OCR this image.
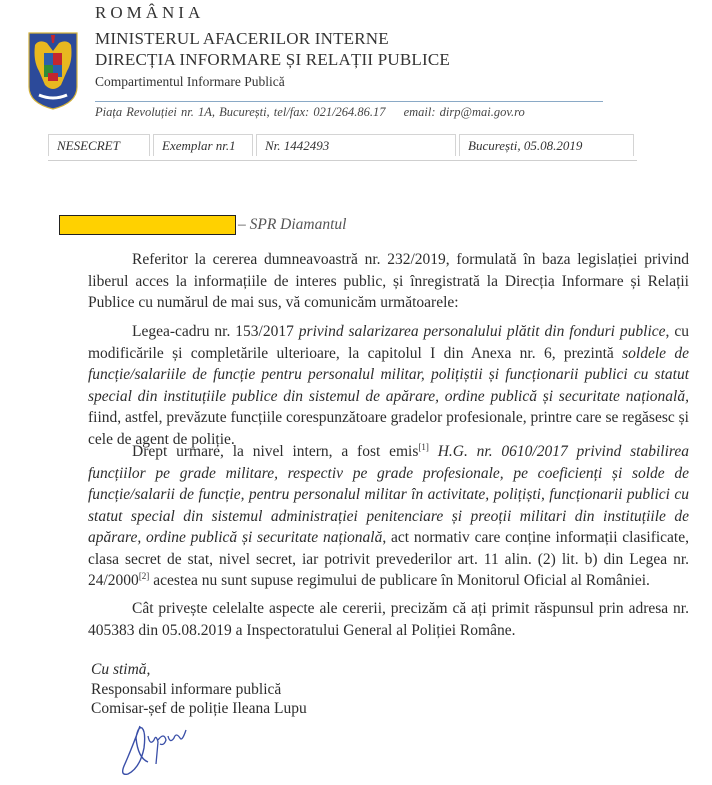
ROMÂNIA
MINISTERUL AFACERILOR INTERNE
DIRECȚIA INFORMARE ȘI RELAȚII PUBLICE
Compartimentul Informare Publică
Piața Revoluției nr. 1A, București, tel/fax: 021/264.86.17 email: dirp@mai.gov.ro
NESECRET	Exemplar nr.1	Nr. 1442493	București, 05.08.2019
– SPR Diamantul

Referitor la cererea dumneavoastră nr. 232/2019, formulată în baza legislației privind liberul acces la informațiile de interes public, și înregistrată la Direcția Informare și Relații Publice cu numărul de mai sus, vă comunicăm următoarele:

Legea-cadru nr. 153/2017 privind salarizarea personalului plătit din fonduri publice, cu modificările și completările ulterioare, la capitolul I din Anexa nr. 6, prezintă soldele de funcție/salariile de funcție pentru personalul militar, polițiștii și funcționarii publici cu statut special din instituțiile publice din sistemul de apărare, ordine publică și securitate națională, fiind, astfel, prevăzute funcțiile corespunzătoare gradelor profesionale, printre care se regăsesc și cele de agent de poliție.

Drept urmare, la nivel intern, a fost emis[1] H.G. nr. 0610/2017 privind stabilirea funcțiilor pe grade militare, respectiv pe grade profesionale, pe coeficienți și solde de funcție/salarii de funcție, pentru personalul militar în activitate, polițiști, funcționarii publici cu statut special din sistemul administrației penitenciare și preoții militari din instituțiile de apărare, ordine publică și securitate națională, act normativ care conține informații clasificate, clasa secret de stat, nivel secret, iar potrivit prevederilor art. 11 alin. (2) lit. b) din Legea nr. 24/2000[2] acestea nu sunt supuse regimului de publicare în Monitorul Oficial al României.

Cât privește celelalte aspecte ale cererii, precizăm că ați primit răspunsul prin adresa nr. 405383 din 05.08.2019 a Inspectoratului General al Poliției Române.

Cu stimă,
Responsabil informare publică
Comisar-șef de poliție Ileana Lupu
